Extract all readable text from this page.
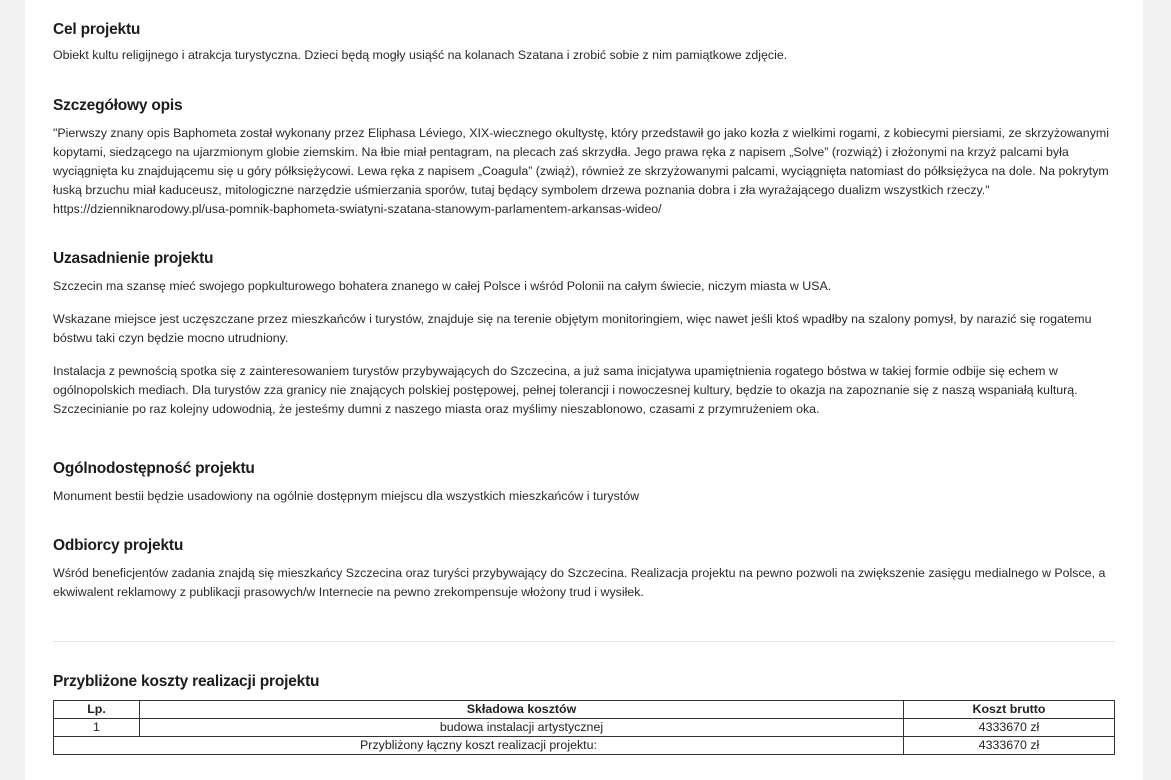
Cel projektu

Obiekt kultu religijnego i atrakcja turystyczna. Dzieci będą mogły usiąść na kolanach Szatana i zrobić sobie z nim pamiątkowe zdjęcie.

Szczegółowy opis

"Pierwszy znany opis Baphometa został wykonany przez Eliphasa Léviego, XIX-wiecznego okultystę, który przedstawił go jako kozła z wielkimi rogami, z kobiecymi piersiami, ze skrzyżowanymi kopytami, siedzącego na ujarzmionym globie ziemskim. Na łbie miał pentagram, na plecach zaś skrzydła. Jego prawa ręka z napisem „Solve” (rozwiąż) i złożonymi na krzyż palcami była wyciągnięta ku znajdującemu się u góry półksiężycowi. Lewa ręka z napisem „Coagula” (zwiąż), również ze skrzyżowanymi palcami, wyciągnięta natomiast do półksiężyca na dole. Na pokrytym łuską brzuchu miał kaduceusz, mitologiczne narzędzie uśmierzania sporów, tutaj będący symbolem drzewa poznania dobra i zła wyrażającego dualizm wszystkich rzeczy." https://dzienniknarodowy.pl/usa-pomnik-baphometa-swiatyni-szatana-stanowym-parlamentem-arkansas-wideo/

Uzasadnienie projektu

Szczecin ma szansę mieć swojego popkulturowego bohatera znanego w całej Polsce i wśród Polonii na całym świecie, niczym miasta w USA.

Wskazane miejsce jest uczęszczane przez mieszkańców i turystów, znajduje się na terenie objętym monitoringiem, więc nawet jeśli ktoś wpadłby na szalony pomysł, by narazić się rogatemu bóstwu taki czyn będzie mocno utrudniony.

Instalacja z pewnością spotka się z zainteresowaniem turystów przybywających do Szczecina, a już sama inicjatywa upamiętnienia rogatego bóstwa w takiej formie odbije się echem w ogólnopolskich mediach. Dla turystów zza granicy nie znających polskiej postępowej, pełnej tolerancji i nowoczesnej kultury, będzie to okazja na zapoznanie się z naszą wspaniałą kulturą. Szczecinianie po raz kolejny udowodnią, że jesteśmy dumni z naszego miasta oraz myślimy nieszablonowo, czasami z przymrużeniem oka.

Ogólnodostępność projektu

Monument bestii będzie usadowiony na ogólnie dostępnym miejscu dla wszystkich mieszkańców i turystów

Odbiorcy projektu

Wśród beneficjentów zadania znajdą się mieszkańcy Szczecina oraz turyści przybywający do Szczecina. Realizacja projektu na pewno pozwoli na zwiększenie zasięgu medialnego w Polsce, a ekwiwalent reklamowy z publikacji prasowych/w Internecie na pewno zrekompensuje włożony trud i wysiłek.

Przybliżone koszty realizacji projektu
Lp.	Składowa kosztów	Koszt brutto
1	budowa instalacji artystycznej	4333670 zł
Przybliżony łączny koszt realizacji projektu:		4333670 zł
